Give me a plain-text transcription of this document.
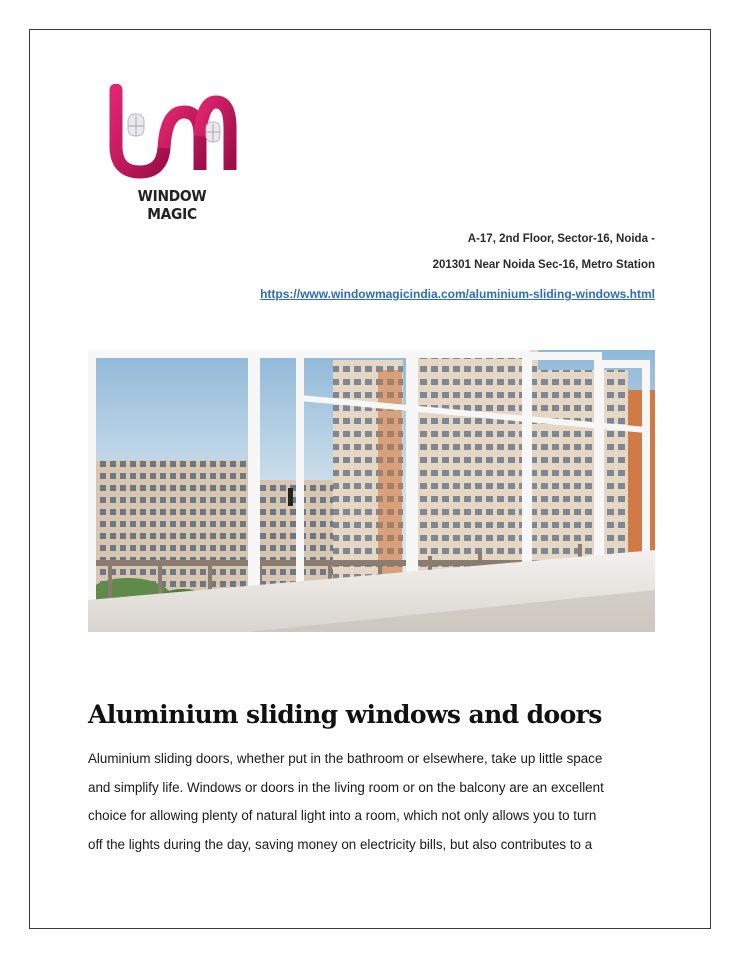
WINDOW MAGIC
A-17, 2nd Floor, Sector-16, Noida -
201301 Near Noida Sec-16, Metro Station
https://www.windowmagicindia.com/aluminium-sliding-windows.html
Aluminium sliding windows and doors
Aluminium sliding doors, whether put in the bathroom or elsewhere, take up little space
and simplify life. Windows or doors in the living room or on the balcony are an excellent
choice for allowing plenty of natural light into a room, which not only allows you to turn
off the lights during the day, saving money on electricity bills, but also contributes to a
